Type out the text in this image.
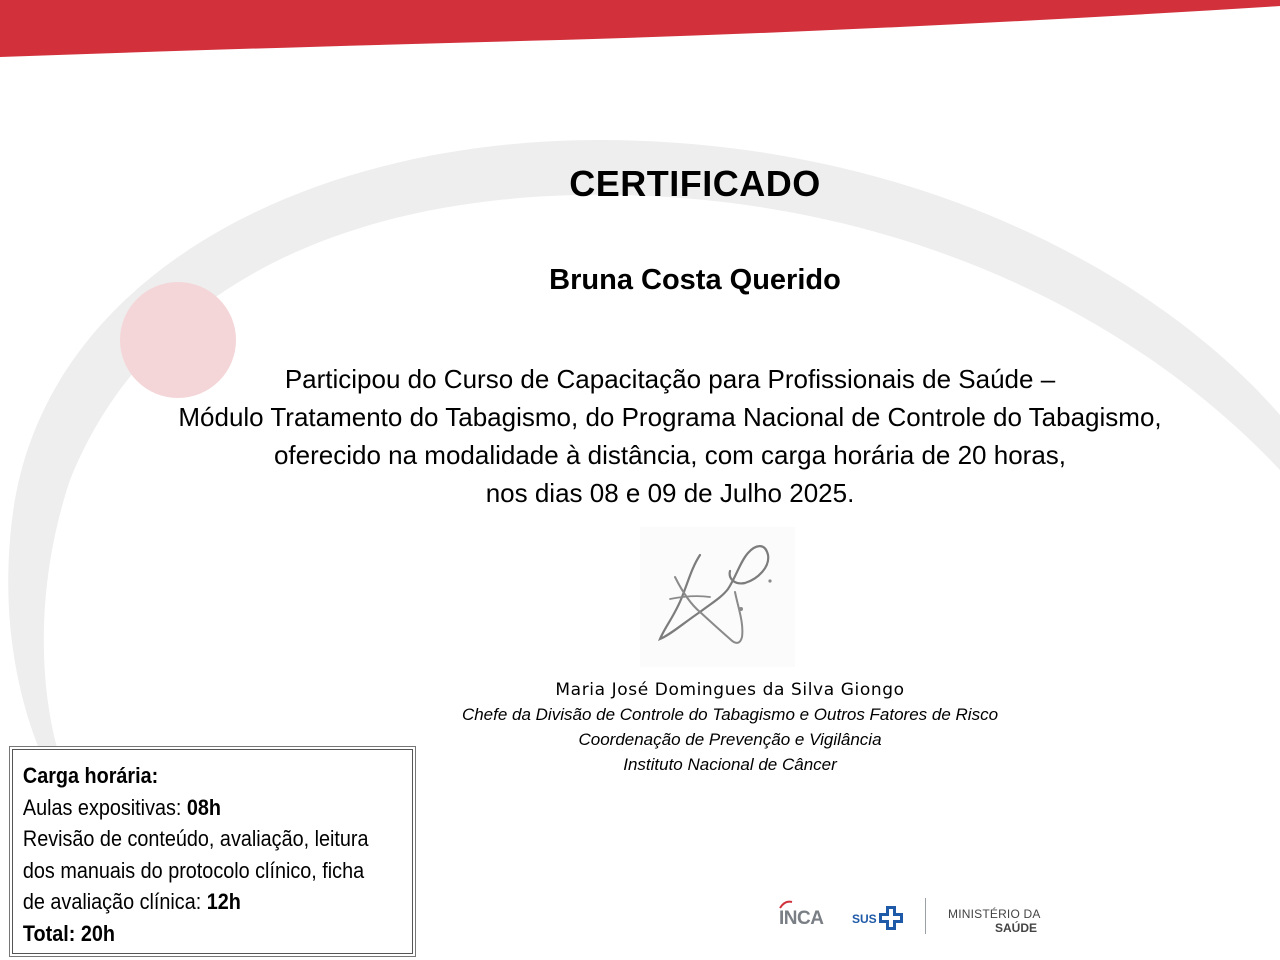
CERTIFICADO
Bruna Costa Querido
Participou do Curso de Capacitação para Profissionais de Saúde –
Módulo Tratamento do Tabagismo, do Programa Nacional de Controle do Tabagismo,
oferecido na modalidade à distância, com carga horária de 20 horas,
nos dias 08 e 09 de Julho 2025.
Maria José Domingues da Silva Giongo
Chefe da Divisão de Controle do Tabagismo e Outros Fatores de Risco
Coordenação de Prevenção e Vigilância
Instituto Nacional de Câncer
Carga horária:
Aulas expositivas: 08h
Revisão de conteúdo, avaliação, leitura
dos manuais do protocolo clínico, ficha
de avaliação clínica: 12h
Total: 20h
INCA SUS	MINISTÉRIO DA
SAÚDE
